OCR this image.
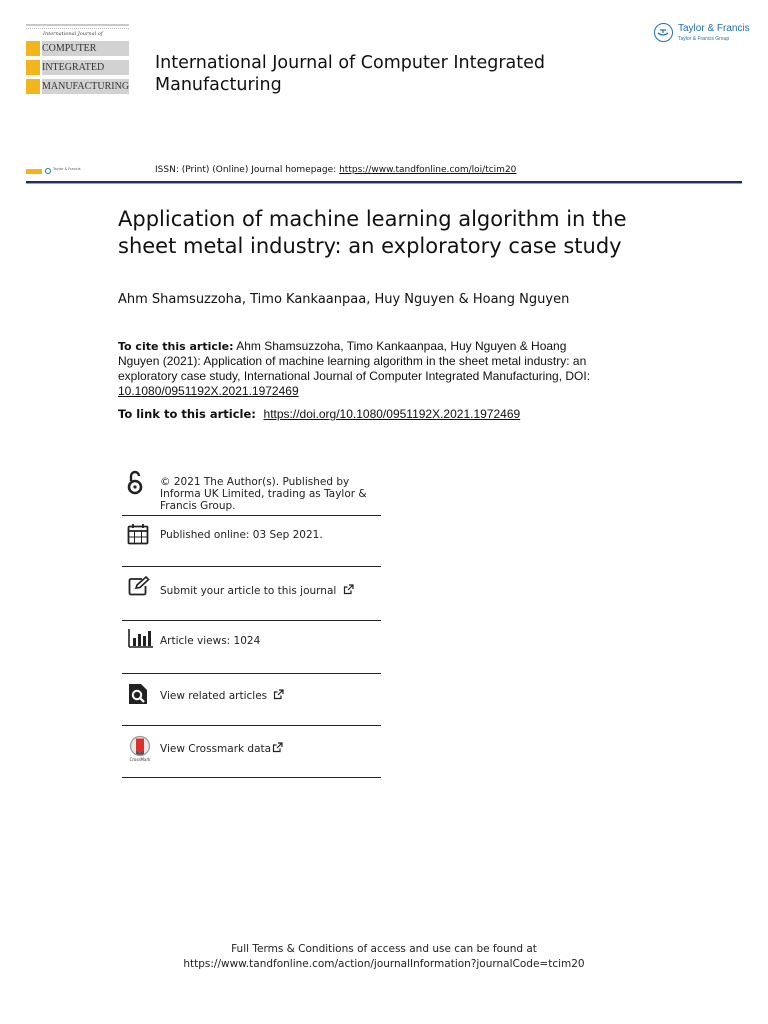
International Journal of
COMPUTER
INTEGRATED
MANUFACTURING
International Journal of Computer Integrated Manufacturing
Taylor & Francis
Taylor & Francis Group
Taylor & Francis	ISSN: (Print) (Online) Journal homepage: https://www.tandfonline.com/loi/tcim20
Application of machine learning algorithm in the sheet metal industry: an exploratory case study
Ahm Shamsuzzoha, Timo Kankaanpaa, Huy Nguyen & Hoang Nguyen
To cite this article: Ahm Shamsuzzoha, Timo Kankaanpaa, Huy Nguyen & Hoang Nguyen (2021): Application of machine learning algorithm in the sheet metal industry: an exploratory case study, International Journal of Computer Integrated Manufacturing, DOI: 10.1080/0951192X.2021.1972469
To link to this article: https://doi.org/10.1080/0951192X.2021.1972469
© 2021 The Author(s). Published by Informa UK Limited, trading as Taylor & Francis Group.
Published online: 03 Sep 2021.
Submit your article to this journal
Article views: 1024
View related articles
CrossMark
View Crossmark data
Full Terms & Conditions of access and use can be found at
https://www.tandfonline.com/action/journalInformation?journalCode=tcim20
